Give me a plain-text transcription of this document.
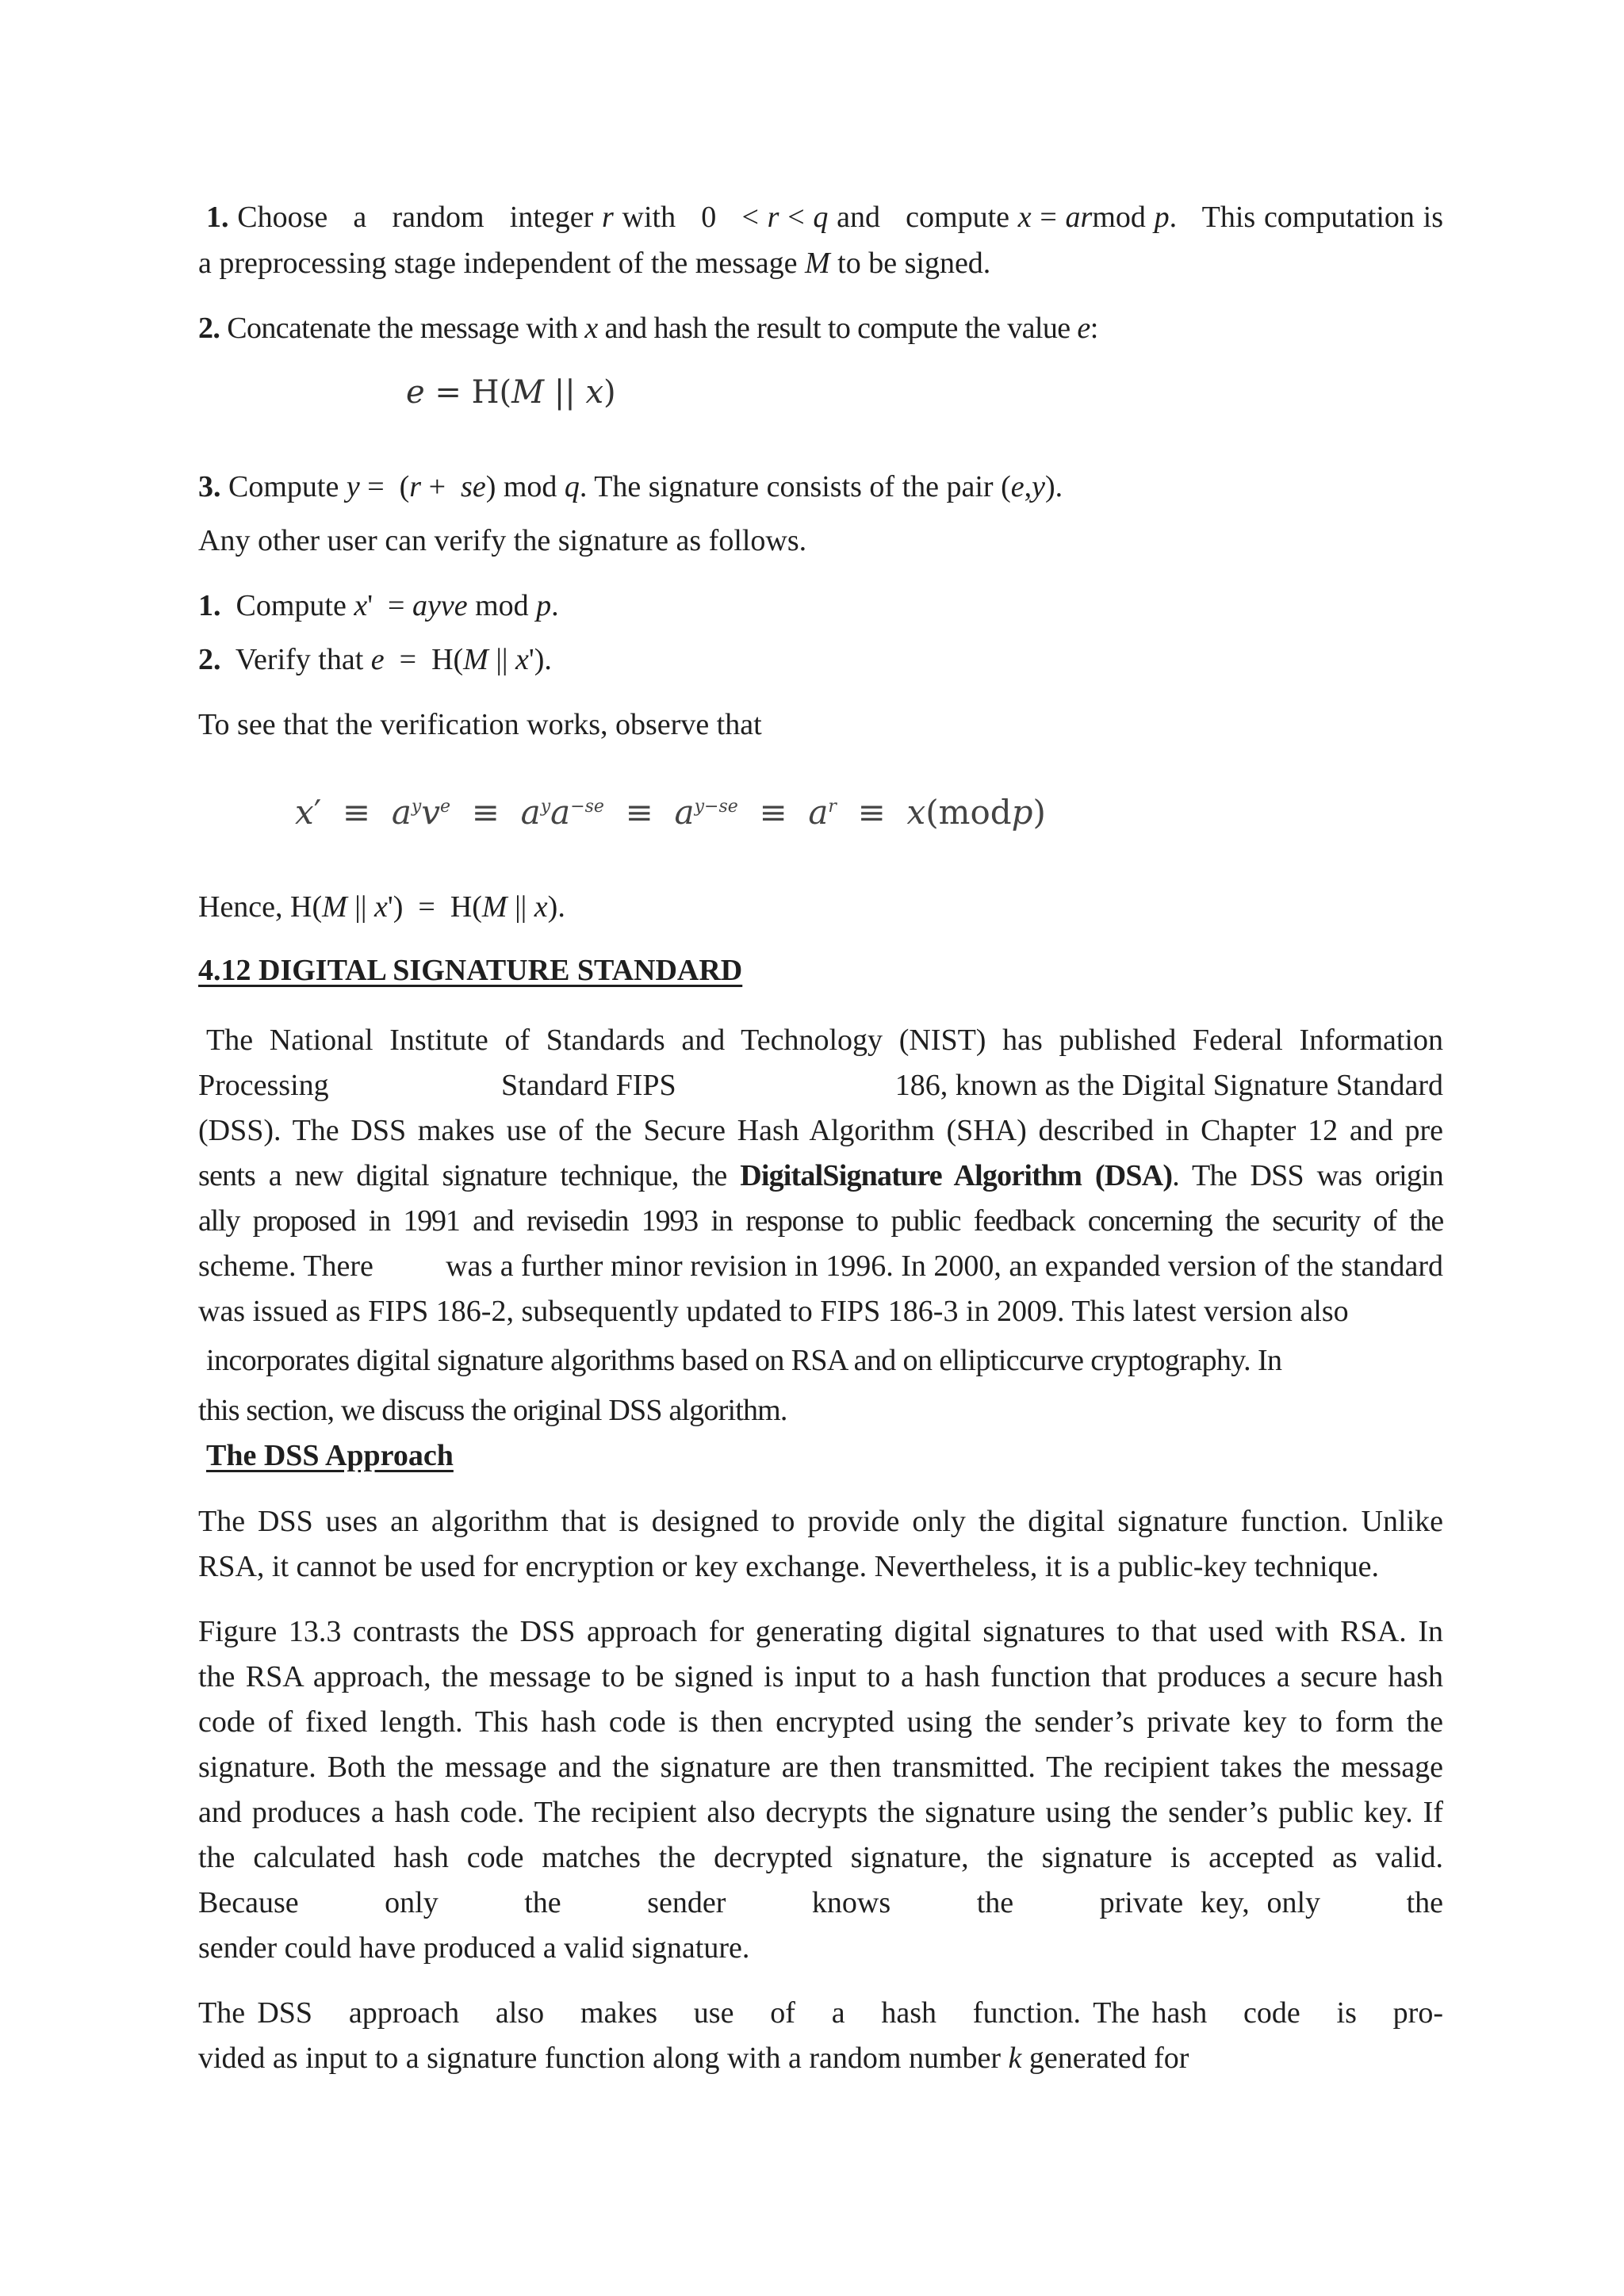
1. Choose   a   random   integer r with   0   < r < q and   compute x = armod p.   This computation is
a preprocessing stage independent of the message M to be signed.
2. Concatenate the message with x and hash the result to compute the value e:
e = H(M || x)
3. Compute y =  (r +  se) mod q. The signature consists of the pair (e,y).
Any other user can verify the signature as follows.
1.  Compute x'  = ayve mod p.
2.  Verify that e  =  H(M || x').
To see that the verification works, observe that
$x' \equiv a^yv^e \equiv a^ya^{-se} \equiv a^{y-se} \equiv a^r$  ≡  x(modp)
Hence, H(M || x')  =  H(M || x).
4.12 DIGITAL SIGNATURE STANDARD
The National Institute of Standards and Technology (NIST) has published Federal Information
Processing	Standard FIPS	186, known as the Digital Signature Standard
(DSS). The DSS makes use of the Secure Hash Algorithm (SHA) described in Chapter 12 and pre
sents a new digital signature technique, the DigitalSignature Algorithm (DSA). The DSS was origin
ally proposed in 1991 and revisedin 1993 in response to public feedback concerning the security of the
scheme. There was a further minor revision in 1996. In 2000, an expanded version of the standard
was issued as FIPS 186-2, subsequently updated to FIPS 186-3 in 2009. This latest version also
incorporates digital signature algorithms based on RSA and on ellipticcurve cryptography. In
this section, we discuss the original DSS algorithm.
The DSS Approach
The DSS uses an algorithm that is designed to provide only the digital signature function. Unlike
RSA, it cannot be used for encryption or key exchange. Nevertheless, it is a public-key technique.
Figure 13.3 contrasts the DSS approach for generating digital signatures to that used with RSA. In
the RSA approach, the message to be signed is input to a hash function that produces a secure hash
code of fixed length. This hash code is then encrypted using the sender’s private key to form the
signature. Both the message and the signature are then transmitted. The recipient takes the message
and produces a hash code. The recipient also decrypts the signature using the sender’s public key. If
the calculated hash code matches the decrypted signature, the signature is accepted as valid.
Because     only     the     sender     knows     the     private key, only     the
sender could have produced a valid signature.
The DSS   approach   also   makes   use   of   a   hash   function. The hash   code   is   pro-
vided as input to a signature function along with a random number k generated for
